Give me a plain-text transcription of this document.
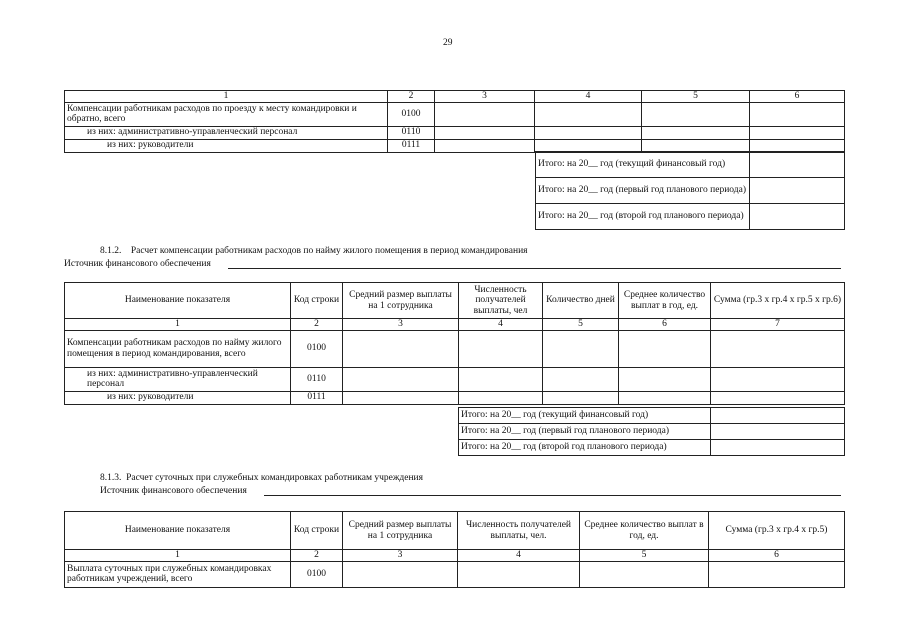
29
1	2	3	4	5	6
Компенсации работникам расходов по проезду к месту командировки и обратно, всего	0100				
из них: административно-управленческий персонал	0110				
из них: руководители	0111				
Итого: на 20__ год (текущий финансовый год)	
Итого: на 20__ год (первый год планового периода)	
Итого: на 20__ год (второй год планового периода)	
8.1.2.    Расчет компенсации работникам расходов по найму жилого помещения в период командирования
Источник финансового обеспечения
Наименование показателя	Код строки	Средний размер выплаты на 1 сотрудника	Численность получателей выплаты, чел	Количество дней	Среднее количество выплат в год, ед.	Сумма (гр.3 х гр.4 х гр.5 х гр.6)
1	2	3	4	5	6	7
Компенсации работникам расходов по найму жилого помещения в период командирования, всего	0100					
из них: административно-управленческий персонал	0110					
из них: руководители	0111					
Итого: на 20__ год (текущий финансовый год)	
Итого: на 20__ год (первый год планового периода)	
Итого: на 20__ год (второй год планового периода)	
8.1.3.  Расчет суточных при служебных командировках работникам учреждения
Источник финансового обеспечения
Наименование показателя	Код строки	Средний размер выплаты на 1 сотрудника	Численность получателей выплаты, чел.	Среднее количество выплат в год, ед.	Сумма (гр.3 х гр.4 х гр.5)
1	2	3	4	5	6
Выплата суточных при служебных командировках работникам учреждений, всего	0100				
